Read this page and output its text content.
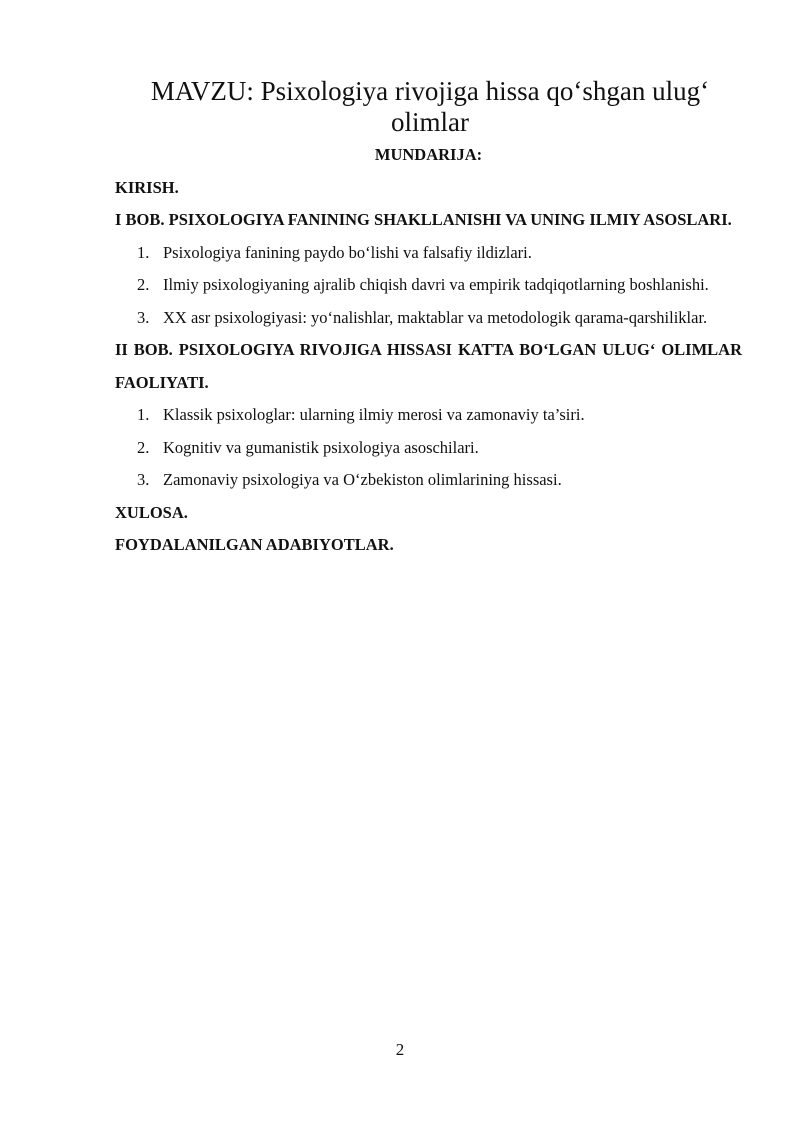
MAVZU: Psixologiya rivojiga hissa qo‘shgan ulug‘ olimlar

MUNDARIJA:

KIRISH.

I BOB. PSIXOLOGIYA FANINING SHAKLLANISHI VA UNING ILMIY ASOSLARI.

1. Psixologiya fanining paydo bo‘lishi va falsafiy ildizlari.
2. Ilmiy psixologiyaning ajralib chiqish davri va empirik tadqiqotlarning boshlanishi.
3. XX asr psixologiyasi: yo‘nalishlar, maktablar va metodologik qarama-qarshiliklar.

II BOB. PSIXOLOGIYA RIVOJIGA HISSASI KATTA BO‘LGAN ULUG‘ OLIMLAR FAOLIYATI.

1. Klassik psixologlar: ularning ilmiy merosi va zamonaviy ta’siri.
2. Kognitiv va gumanistik psixologiya asoschilari.
3. Zamonaviy psixologiya va O‘zbekiston olimlarining hissasi.

XULOSA.

FOYDALANILGAN ADABIYOTLAR.

2
